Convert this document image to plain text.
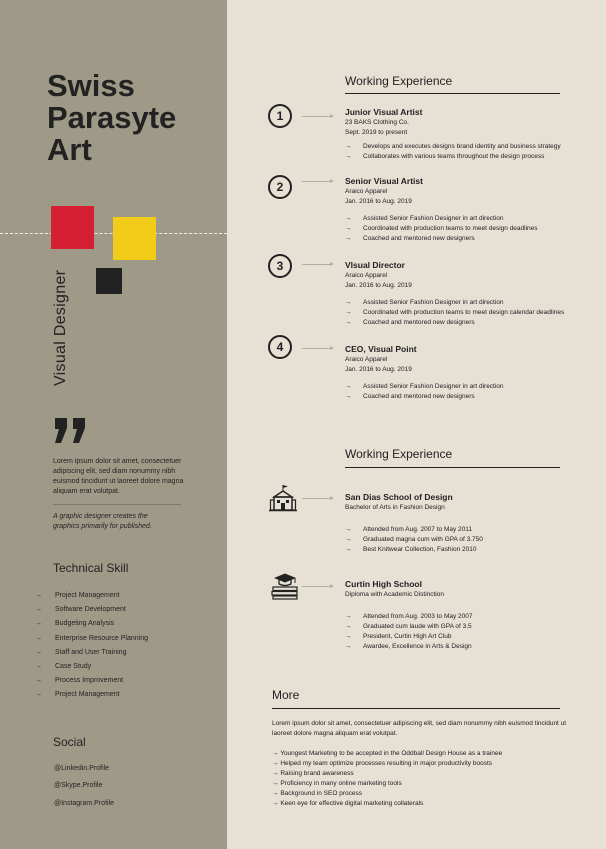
Swiss
Parasyte
Art
Visual Designer

Lorem ipsum dolor sit amet, consectetuer adipiscing elit, sed diam nonummy nibh euismod tincidunt ut laoreet dolore magna aliquam erat volutpat.

A graphic designer creates the graphics primarily for published.

Technical Skill
→ Project Management
→ Software Development
→ Budgeting Analysis
→ Enterprise Resource Planning
→ Staff and User Training
→ Case Study
→ Process Improvement
→ Project Management
Social
@Linkedin.Profile
@Skype.Profile
@Instagram.Profile
Working Experience
1	Junior Visual Artist
23 BAKS Clothing Co.
Sept. 2019 to present
→ Develops and executes designs brand identity and business strategy
→ Collaborates with various teams throughout the design process
2	Senior Visual Artist
Araico Apparel
Jan. 2016 to Aug. 2019
→ Assisted Senior Fashion Designer in art direction
→ Coordinated with production teams to meet design deadlines
→ Coached and mentored new designers
3	VIsual Director
Araico Apparel
Jan. 2016 to Aug. 2019
→ Assisted Senior Fashion Designer in art direction
→ Coordinated with production teams to meet design calendar deadlines
→ Coached and mentored new designers
4	CEO, Visual Point
Araico Apparel
Jan. 2016 to Aug. 2019
→ Assisted Senior Fashion Designer in art direction
→ Coached and mentored new designers
Working Experience
San Dias School of Design
Bachelor of Arts in Fashion Design
→ Attended from Aug. 2007 to May 2011
→ Graduated magna cum with GPA of 3.750
→ Best Knitwear Collection, Fashion 2010
Curtin High School
Diploma with Academic Distinction
→ Attended from Aug. 2003 to May 2007
→ Graduated cum laude with GPA of 3.5
→ President, Curtin High Art Club
→ Awardee, Excellence in Arts & Design
More

Lorem ipsum dolor sit amet, consectetuer adipiscing elit, sed diam nonummy nibh euismod tincidunt ut laoreet dolore magna aliquam erat volutpat.

→ Youngest Marketing to be accepted in the Oddball Design House as a trainee
→ Helped my team optimize processes resulting in major productivity boosts
→ Raising brand awareness
→ Proficiency in many online marketing tools
→ Background in SEO process
→ Keen eye for effective digital marketing collaterals
